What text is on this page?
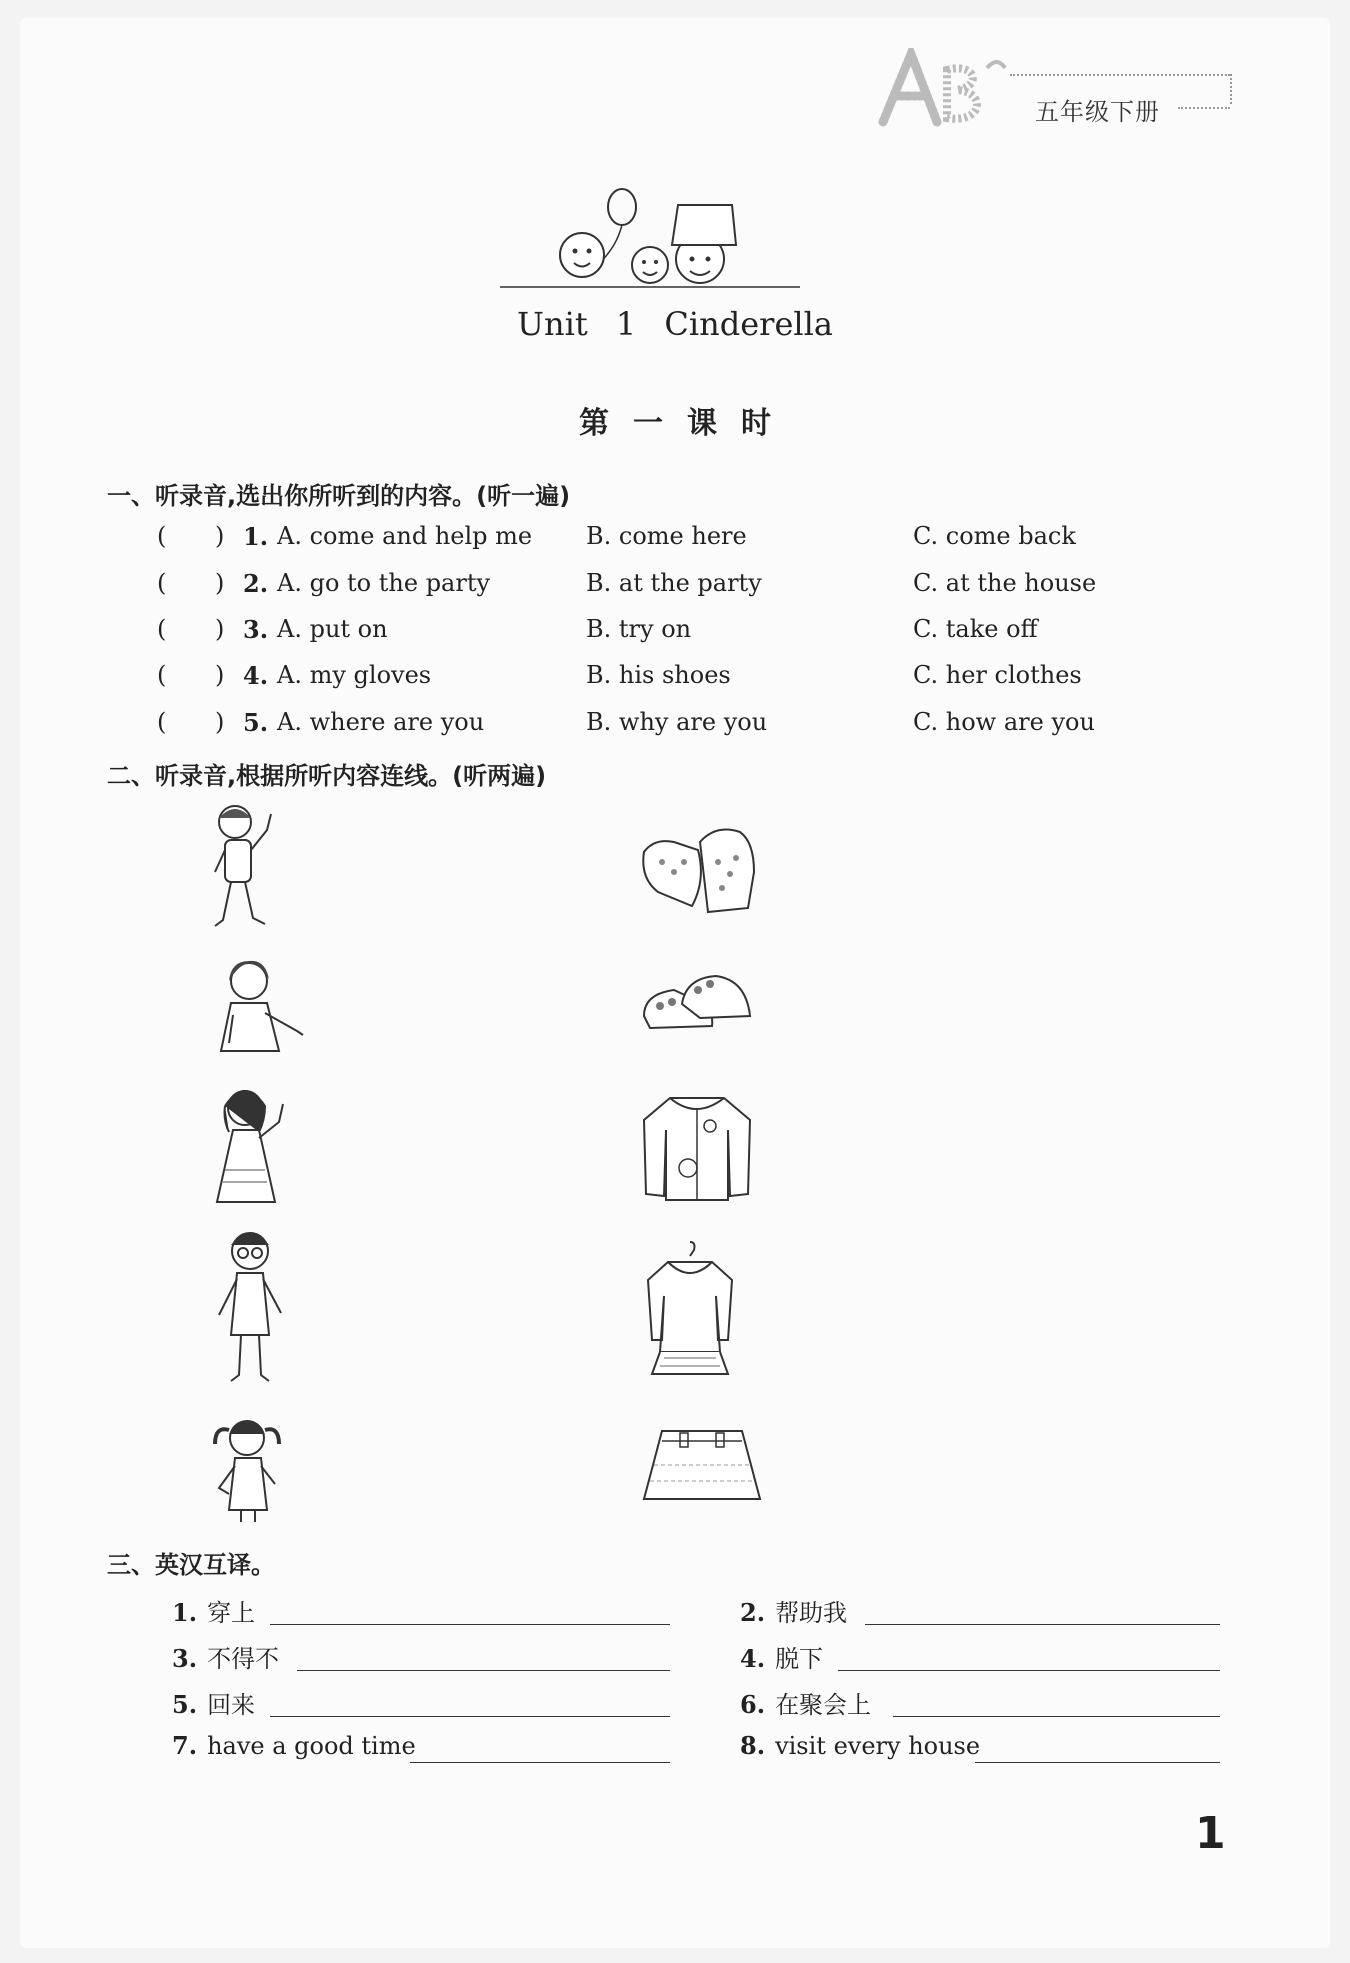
五年级下册
Unit 1 Cinderella
第一课时
一、听录音,选出你所听到的内容。(听一遍)
( ) 1. A. come and help me B. come here	C. come back
( ) 2. A. go to the party	B. at the party	C. at the house
( ) 3. A. put on	B. try on	C. take off
( ) 4. A. my gloves	B. his shoes	C. her clothes
( ) 5. A. where are you	B. why are you	C. how are you
二、听录音,根据所听内容连线。(听两遍)
三、英汉互译。
1. 穿上	2. 帮助我
3. 不得不	4. 脱下
5. 回来	6. 在聚会上
7. have a good time	8. visit every house
1
